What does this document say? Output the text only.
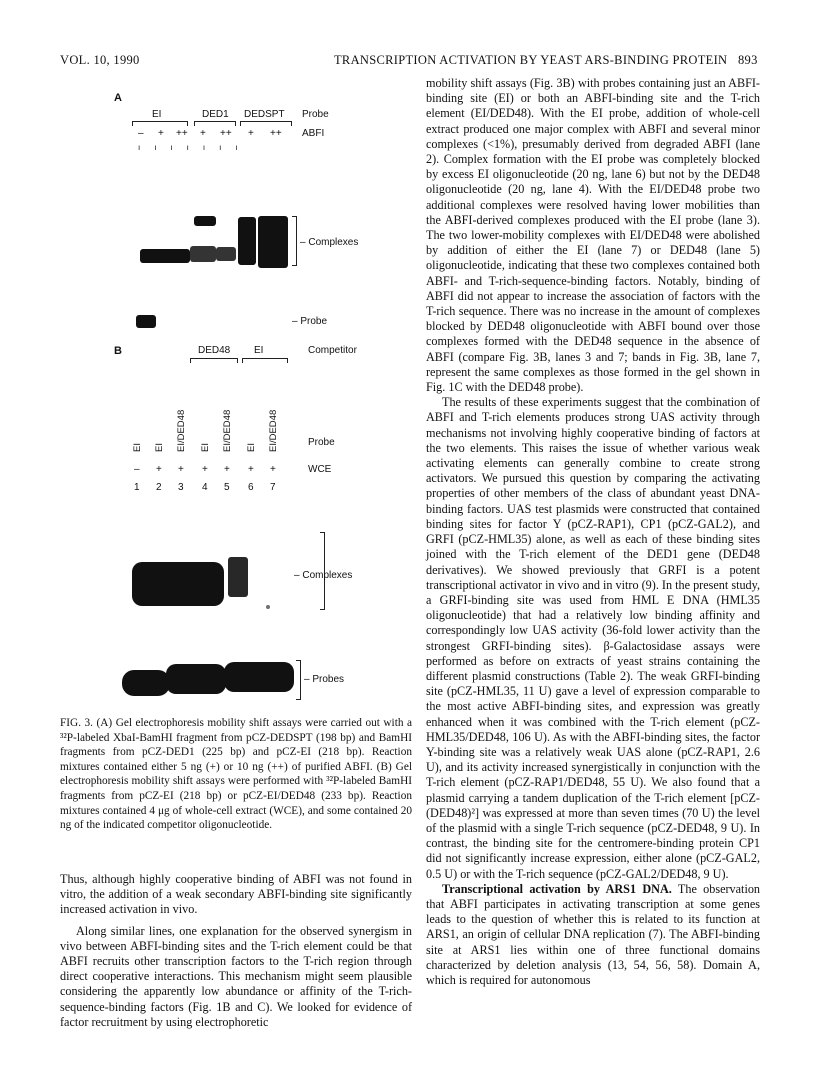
VOL. 10, 1990	TRANSCRIPTION ACTIVATION BY YEAST ARS-BINDING PROTEIN 893
A
EI	DED1 DEDSPT Probe
– + ++ + ++ + ++ ABFI
ııııııı
– Complexes
– Probe
B	DED48 EI	Competitor
EI EI EI/DED48 EI EI/DED48 EI EI/DED48	Probe
– + + + + + +	WCE
1 2 3 4 5 6 7
– Complexes
– Probes
FIG. 3. (A) Gel electrophoresis mobility shift assays were carried out with a ³²P-labeled XbaI-BamHI fragment from pCZ-DEDSPT (198 bp) and BamHI fragments from pCZ-DED1 (225 bp) and pCZ-EI (218 bp). Reaction mixtures contained either 5 ng (+) or 10 ng (++) of purified ABFI. (B) Gel electrophoresis mobility shift assays were performed with ³²P-labeled BamHI fragments from pCZ-EI (218 bp) or pCZ-EI/DED48 (233 bp). Reaction mixtures contained 4 μg of whole-cell extract (WCE), and some contained 20 ng of the indicated competitor oligonucleotide.

Thus, although highly cooperative binding of ABFI was not found in vitro, the addition of a weak secondary ABFI-binding site significantly increased activation in vivo.

Along similar lines, one explanation for the observed synergism in vivo between ABFI-binding sites and the T-rich element could be that ABFI recruits other transcription factors to the T-rich region through direct cooperative interactions. This mechanism might seem plausible considering the apparently low abundance or affinity of the T-rich-sequence-binding factors (Fig. 1B and C). We looked for evidence of factor recruitment by using electrophoretic

mobility shift assays (Fig. 3B) with probes containing just an ABFI-binding site (EI) or both an ABFI-binding site and the T-rich element (EI/DED48). With the EI probe, addition of whole-cell extract produced one major complex with ABFI and several minor complexes (<1%), presumably derived from degraded ABFI (lane 2). Complex formation with the EI probe was completely blocked by excess EI oligonucleotide (20 ng, lane 6) but not by the DED48 oligonucleotide (20 ng, lane 4). With the EI/DED48 probe two additional complexes were resolved having lower mobilities than the ABFI-derived complexes produced with the EI probe (lane 3). The two lower-mobility complexes with EI/DED48 were abolished by addition of either the EI (lane 7) or DED48 (lane 5) oligonucleotide, indicating that these two complexes contained both ABFI- and T-rich-sequence-binding factors. Notably, binding of ABFI did not appear to increase the association of factors with the T-rich sequence. There was no increase in the amount of complexes blocked by DED48 oligonucleotide with ABFI bound over those complexes formed with the DED48 sequence in the absence of ABFI (compare Fig. 3B, lanes 3 and 7; bands in Fig. 3B, lane 7, represent the same complexes as those formed in the gel shown in Fig. 1C with the DED48 probe).

The results of these experiments suggest that the combination of ABFI and T-rich elements produces strong UAS activity through mechanisms not involving highly cooperative binding of factors at the two elements. This raises the issue of whether various weak activating elements can generally combine to create strong activators. We pursued this question by comparing the activating properties of other members of the class of abundant yeast DNA-binding factors. UAS test plasmids were constructed that contained binding sites for factor Y (pCZ-RAP1), CP1 (pCZ-GAL2), and GRFI (pCZ-HML35) alone, as well as each of these binding sites joined with the T-rich element of the DED1 gene (DED48 derivatives). We showed previously that GRFI is a potent transcriptional activator in vivo and in vitro (9). In the present study, a GRFI-binding site was used from HML E DNA (HML35 oligonucleotide) that had a relatively low binding affinity and correspondingly low UAS activity (36-fold lower activity than the strongest GRFI-binding sites). β-Galactosidase assays were performed as before on extracts of yeast strains containing the different plasmid constructions (Table 2). The weak GRFI-binding site (pCZ-HML35, 11 U) gave a level of expression comparable to the most active ABFI-binding sites, and expression was greatly enhanced when it was combined with the T-rich element (pCZ-HML35/DED48, 106 U). As with the ABFI-binding sites, the factor Y-binding site was a relatively weak UAS alone (pCZ-RAP1, 2.6 U), and its activity increased synergistically in conjunction with the T-rich element (pCZ-RAP1/DED48, 55 U). We also found that a plasmid carrying a tandem duplication of the T-rich element [pCZ-(DED48)²] was expressed at more than seven times (70 U) the level of the plasmid with a single T-rich sequence (pCZ-DED48, 9 U). In contrast, the binding site for the centromere-binding protein CP1 did not significantly increase expression, either alone (pCZ-GAL2, 0.5 U) or with the T-rich sequence (pCZ-GAL2/DED48, 9 U).

Transcriptional activation by ARS1 DNA. The observation that ABFI participates in activating transcription at some genes leads to the question of whether this is related to its function at ARS1, an origin of cellular DNA replication (7). The ABFI-binding site at ARS1 lies within one of three functional domains characterized by deletion analysis (13, 54, 56, 58). Domain A, which is required for autonomous
